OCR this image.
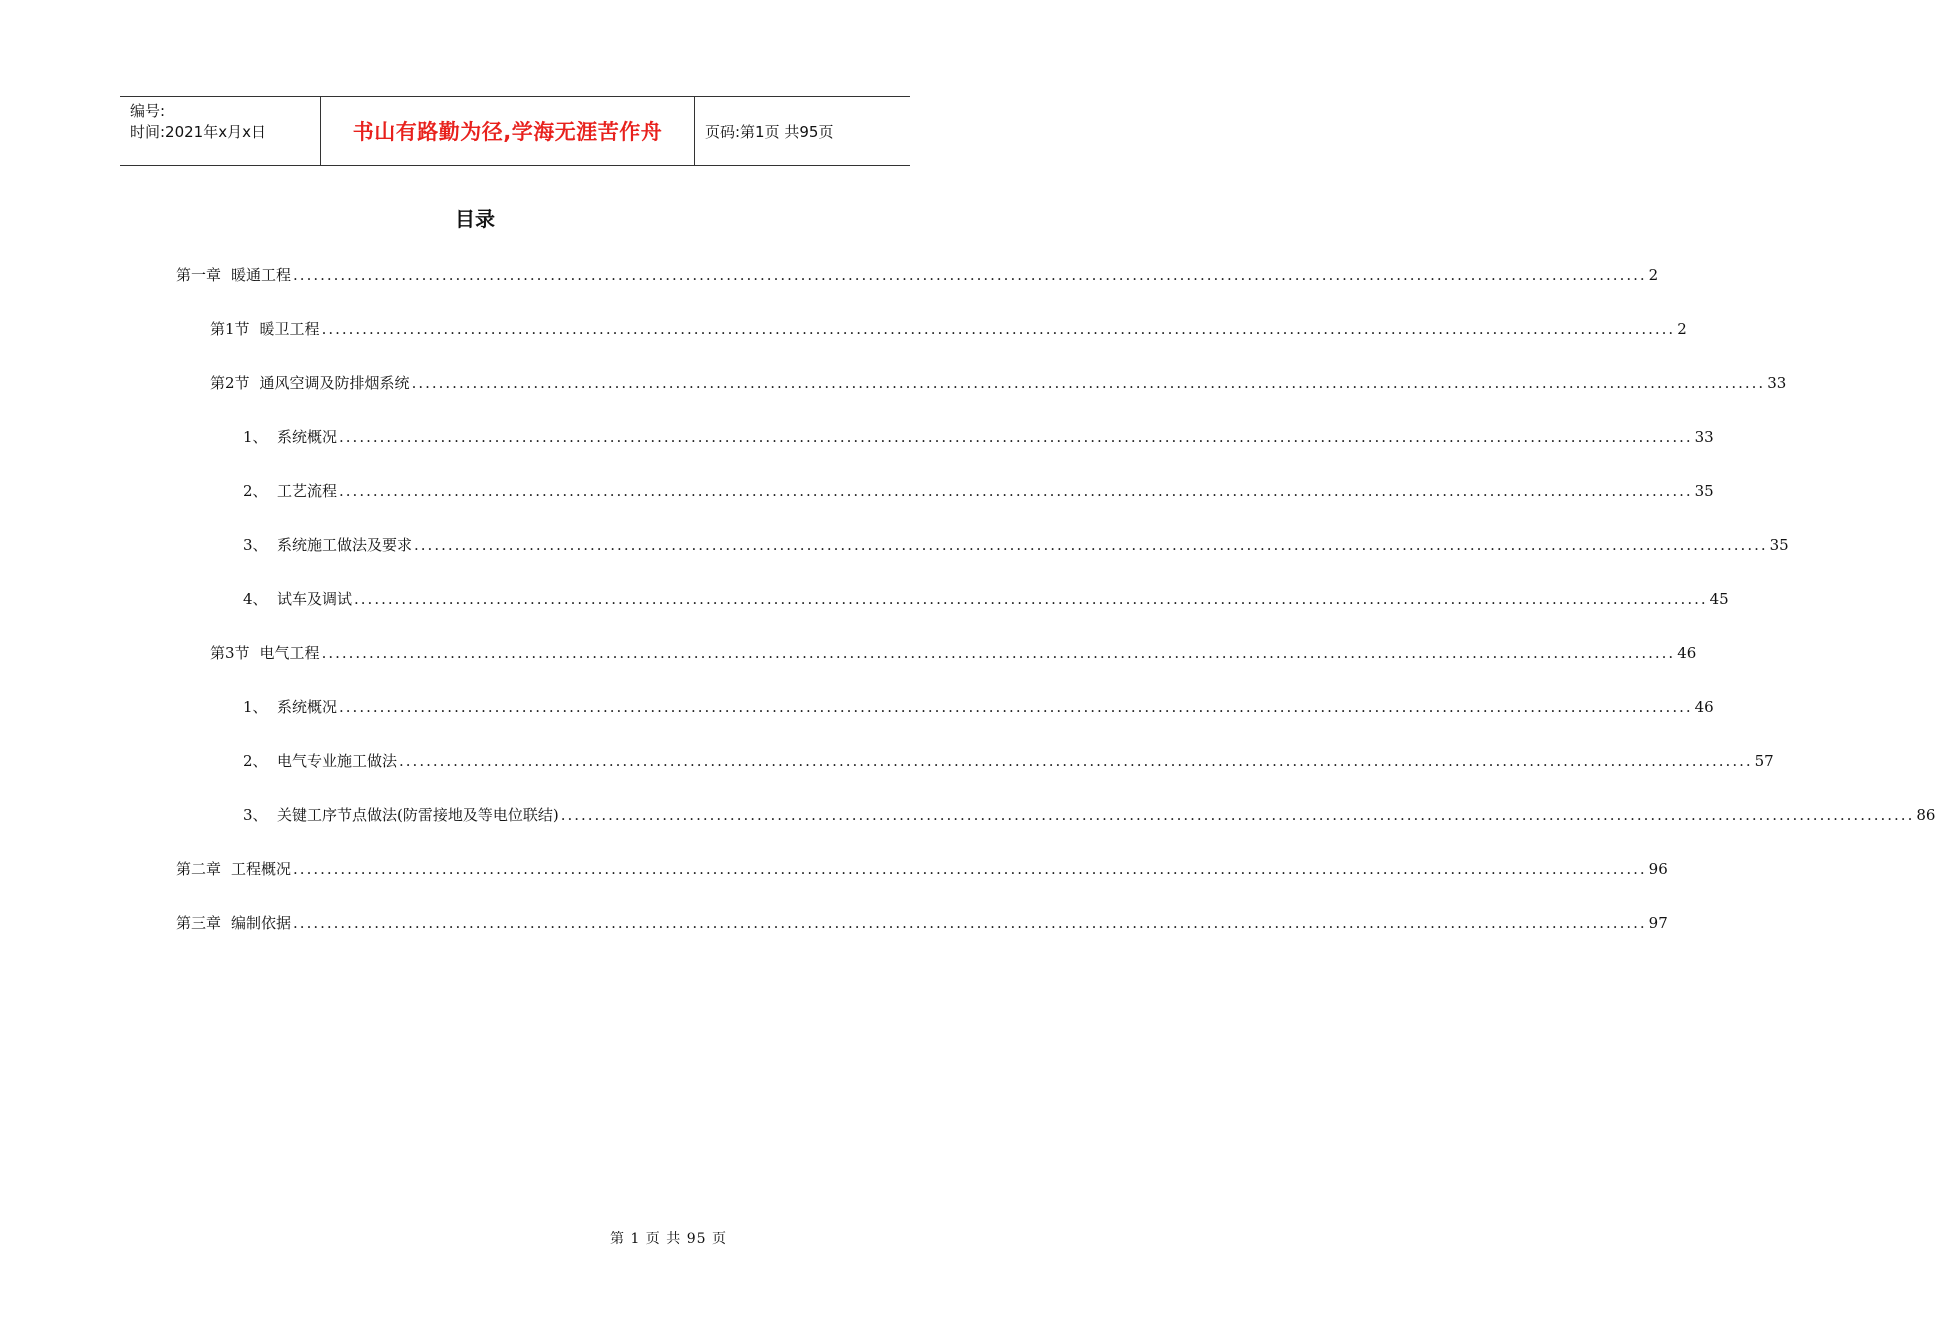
编号:
时间:2021年x月x日	书山有路勤为径,学海无涯苦作舟	页码:第1页 共95页
目录
第一章 暖通工程 ........................................................................................................................................................................................................ 2
第1节 暖卫工程 ........................................................................................................................................................................................................ 2
第2节 通风空调及防排烟系统 ........................................................................................................................................................................................................ 33
1、 系统概况 ........................................................................................................................................................................................................ 33
2、 工艺流程 ........................................................................................................................................................................................................ 35
3、 系统施工做法及要求 ........................................................................................................................................................................................................ 35
4、 试车及调试 ........................................................................................................................................................................................................ 45
第3节 电气工程 ........................................................................................................................................................................................................ 46
1、 系统概况 ........................................................................................................................................................................................................ 46
2、 电气专业施工做法 ........................................................................................................................................................................................................ 57
3、 关键工序节点做法(防雷接地及等电位联结) ........................................................................................................................................................................................................ 86
第二章 工程概况 ........................................................................................................................................................................................................ 96
第三章 编制依据 ........................................................................................................................................................................................................ 97
第 1 页 共 95 页
